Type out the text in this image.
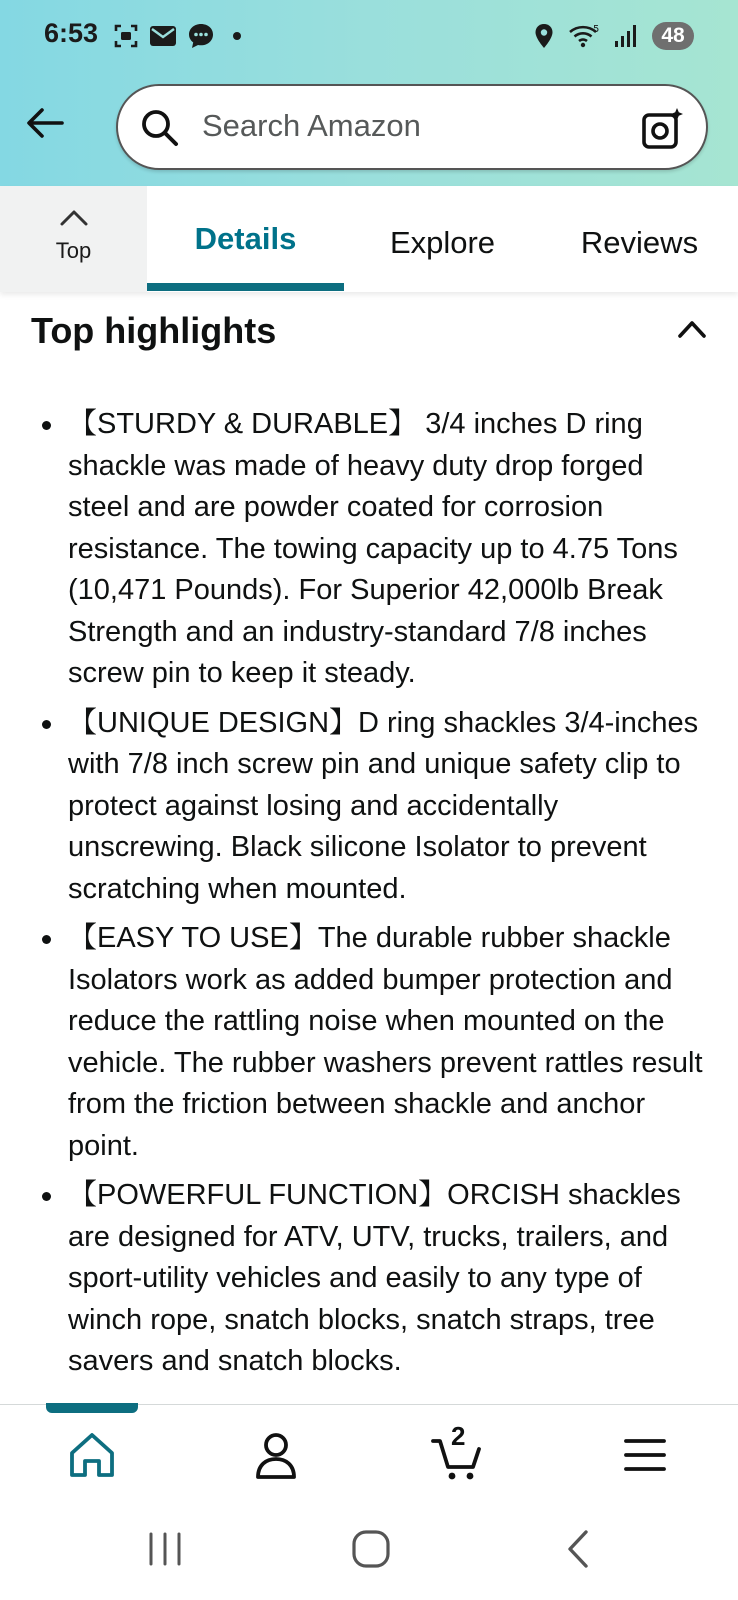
6:53	5	48
Search Amazon
Top	Details	Explore	Reviews
Top highlights
【STURDY & DURABLE】 3/4 inches D ring shackle was made of heavy duty drop forged steel and are powder coated for corrosion resistance. The towing capacity up to 4.75 Tons (10,471 Pounds). For Superior 42,000lb Break Strength and an industry-standard 7/8 inches screw pin to keep it steady.
【UNIQUE DESIGN】D ring shackles 3/4-inches with 7/8 inch screw pin and unique safety clip to protect against losing and accidentally unscrewing. Black silicone Isolator to prevent scratching when mounted.
【EASY TO USE】The durable rubber shackle Isolators work as added bumper protection and reduce the rattling noise when mounted on the vehicle. The rubber washers prevent rattles result from the friction between shackle and anchor point.
【POWERFUL FUNCTION】ORCISH shackles are designed for ATV, UTV, trucks, trailers, and sport-utility vehicles and easily to any type of winch rope, snatch blocks, snatch straps, tree savers and snatch blocks.
2
